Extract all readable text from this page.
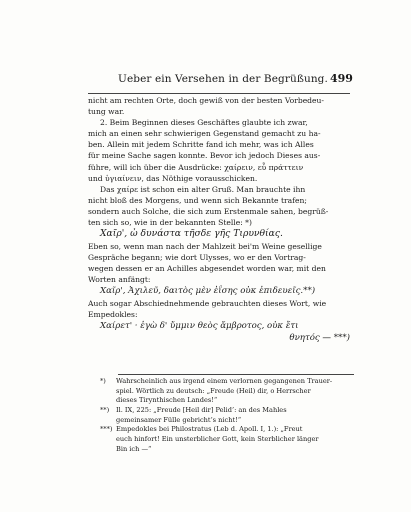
Ueber ein Versehen in der Begrüßung. 499
nicht am rechten Orte, doch gewiß von der besten Vorbedeu-
tung war.
2. Beim Beginnen dieses Geschäftes glaubte ich zwar,
mich an einen sehr schwierigen Gegenstand gemacht zu ha-
ben. Allein mit jedem Schritte fand ich mehr, was ich Alles
für meine Sache sagen konnte. Bevor ich jedoch Dieses aus-
führe, will ich über die Ausdrücke: χαίρειν, εὖ πράττειν
und ὑγιαίνειν, das Nöthige vorausschicken.
Das χαίρε ist schon ein alter Gruß. Man brauchte ihn
nicht bloß des Morgens, und wenn sich Bekannte trafen;
sondern auch Solche, die sich zum Erstenmale sahen, begrüß-
ten sich so, wie in der bekannten Stelle: *)
Χαῖρ', ὦ δυνάστα τῆσδε γῆς Τιρυνθίας.
Eben so, wenn man nach der Mahlzeit bei'm Weine gesellige
Gespräche begann; wie dort Ulysses, wo er den Vortrag-
wegen dessen er an Achilles abgesendet worden war, mit den
Worten anfängt:
Χαῖρ', Ἀχιλεῦ, δαιτὸς μὲν ἐΐσης οὐκ ἐπιδευεῖς.**)
Auch sogar Abschiednehmende gebrauchten dieses Wort, wie
Empedokles:
Χαίρετ' · ἐγὼ δ' ὔμμιν θεὸς ἄμβροτος, οὐκ ἔτι
θνητός — ***)
*) Wahrscheinlich aus irgend einem verlornen gegangenen Trauer-
spiel. Wörtlich zu deutsch: „Freude (Heil) dir, o Herrscher
dieses Tirynthischen Landes!“
**) Il. IX, 225: „Freude [Heil dir] Pelid’: an des Mahles
gemeinsamer Fülle gebricht’s nicht!“
***) Empedokles bei Philostratus (Leb d. Apoll. I, 1.): „Freut
euch hinfort! Ein unsterblicher Gott, kein Sterblicher länger
Bin ich —“
